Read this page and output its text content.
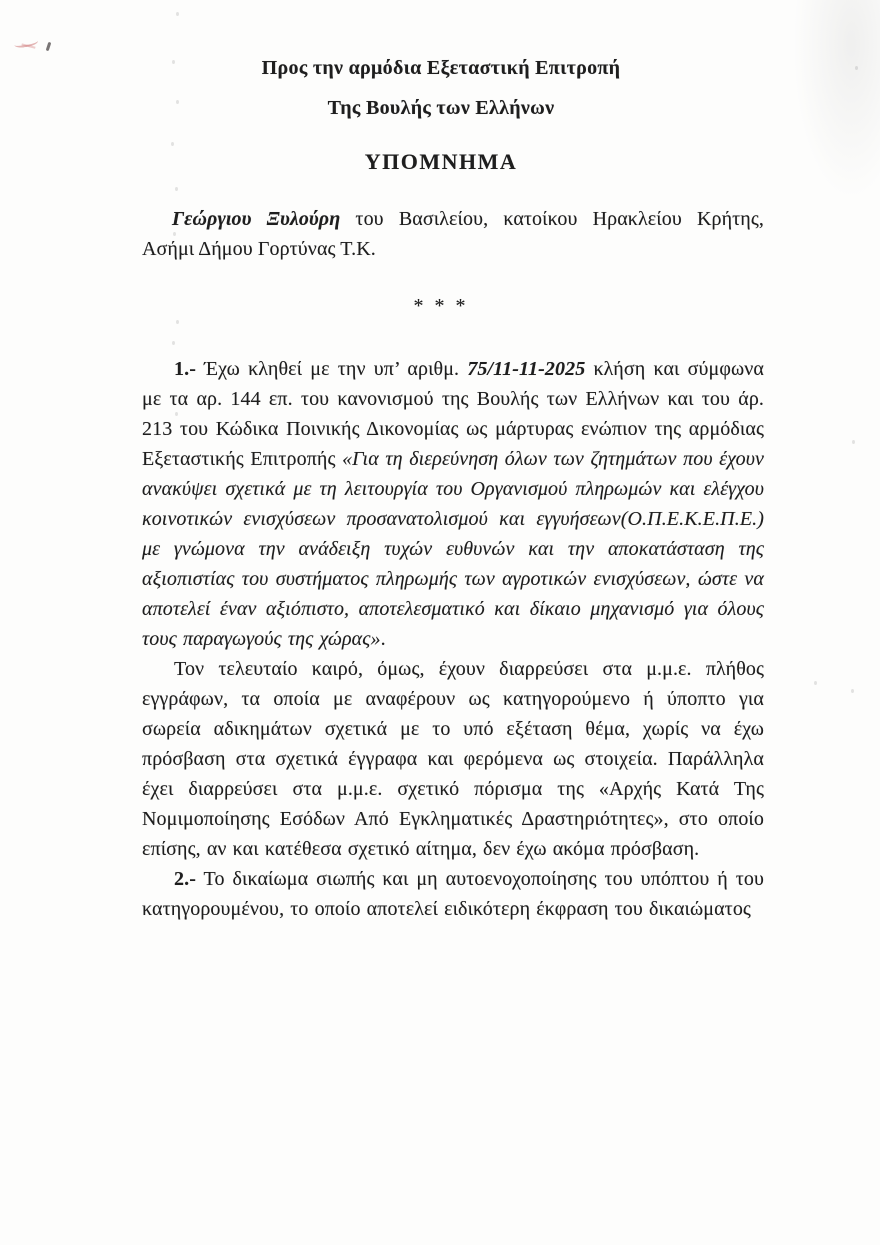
Προς την αρμόδια Εξεταστική Επιτροπή
Της Βουλής των Ελλήνων
ΥΠΟΜΝΗΜΑ

Γεώργιου Ξυλούρη του Βασιλείου, κατοίκου Ηρακλείου Κρήτης,
Ασήμι Δήμου Γορτύνας Τ.Κ.

* * *

1.- Έχω κληθεί με την υπ’ αριθμ. 75/11-11-2025 κλήση και σύμφωνα με τα αρ. 144 επ. του κανονισμού της Βουλής των Ελλήνων και του άρ. 213 του Κώδικα Ποινικής Δικονομίας ως μάρτυρας ενώπιον της αρμόδιας Εξεταστικής Επιτροπής «Για τη διερεύνηση όλων των ζητημάτων που έχουν ανακύψει σχετικά με τη λειτουργία του Οργανισμού πληρωμών και ελέγχου κοινοτικών ενισχύσεων προσανατολισμού και εγγυήσεων(Ο.Π.Ε.Κ.Ε.Π.Ε.) με γνώμονα την ανάδειξη τυχών ευθυνών και την αποκατάσταση της αξιοπιστίας του συστήματος πληρωμής των αγροτικών ενισχύσεων, ώστε να αποτελεί έναν αξιόπιστο, αποτελεσματικό και δίκαιο μηχανισμό για όλους τους παραγωγούς της χώρας».

Τον τελευταίο καιρό, όμως, έχουν διαρρεύσει στα μ.μ.ε. πλήθος εγγράφων, τα οποία με αναφέρουν ως κατηγορούμενο ή ύποπτο για σωρεία αδικημάτων σχετικά με το υπό εξέταση θέμα, χωρίς να έχω πρόσβαση στα σχετικά έγγραφα και φερόμενα ως στοιχεία. Παράλληλα έχει διαρρεύσει στα μ.μ.ε. σχετικό πόρισμα της «Αρχής Κατά Της Νομιμοποίησης Εσόδων Από Εγκληματικές Δραστηριότητες», στο οποίο επίσης, αν και κατέθεσα σχετικό αίτημα, δεν έχω ακόμα πρόσβαση.

2.- Το δικαίωμα σιωπής και μη αυτοενοχοποίησης του υπόπτου ή του κατηγορουμένου, το οποίο αποτελεί ειδικότερη έκφραση του δικαιώματος
